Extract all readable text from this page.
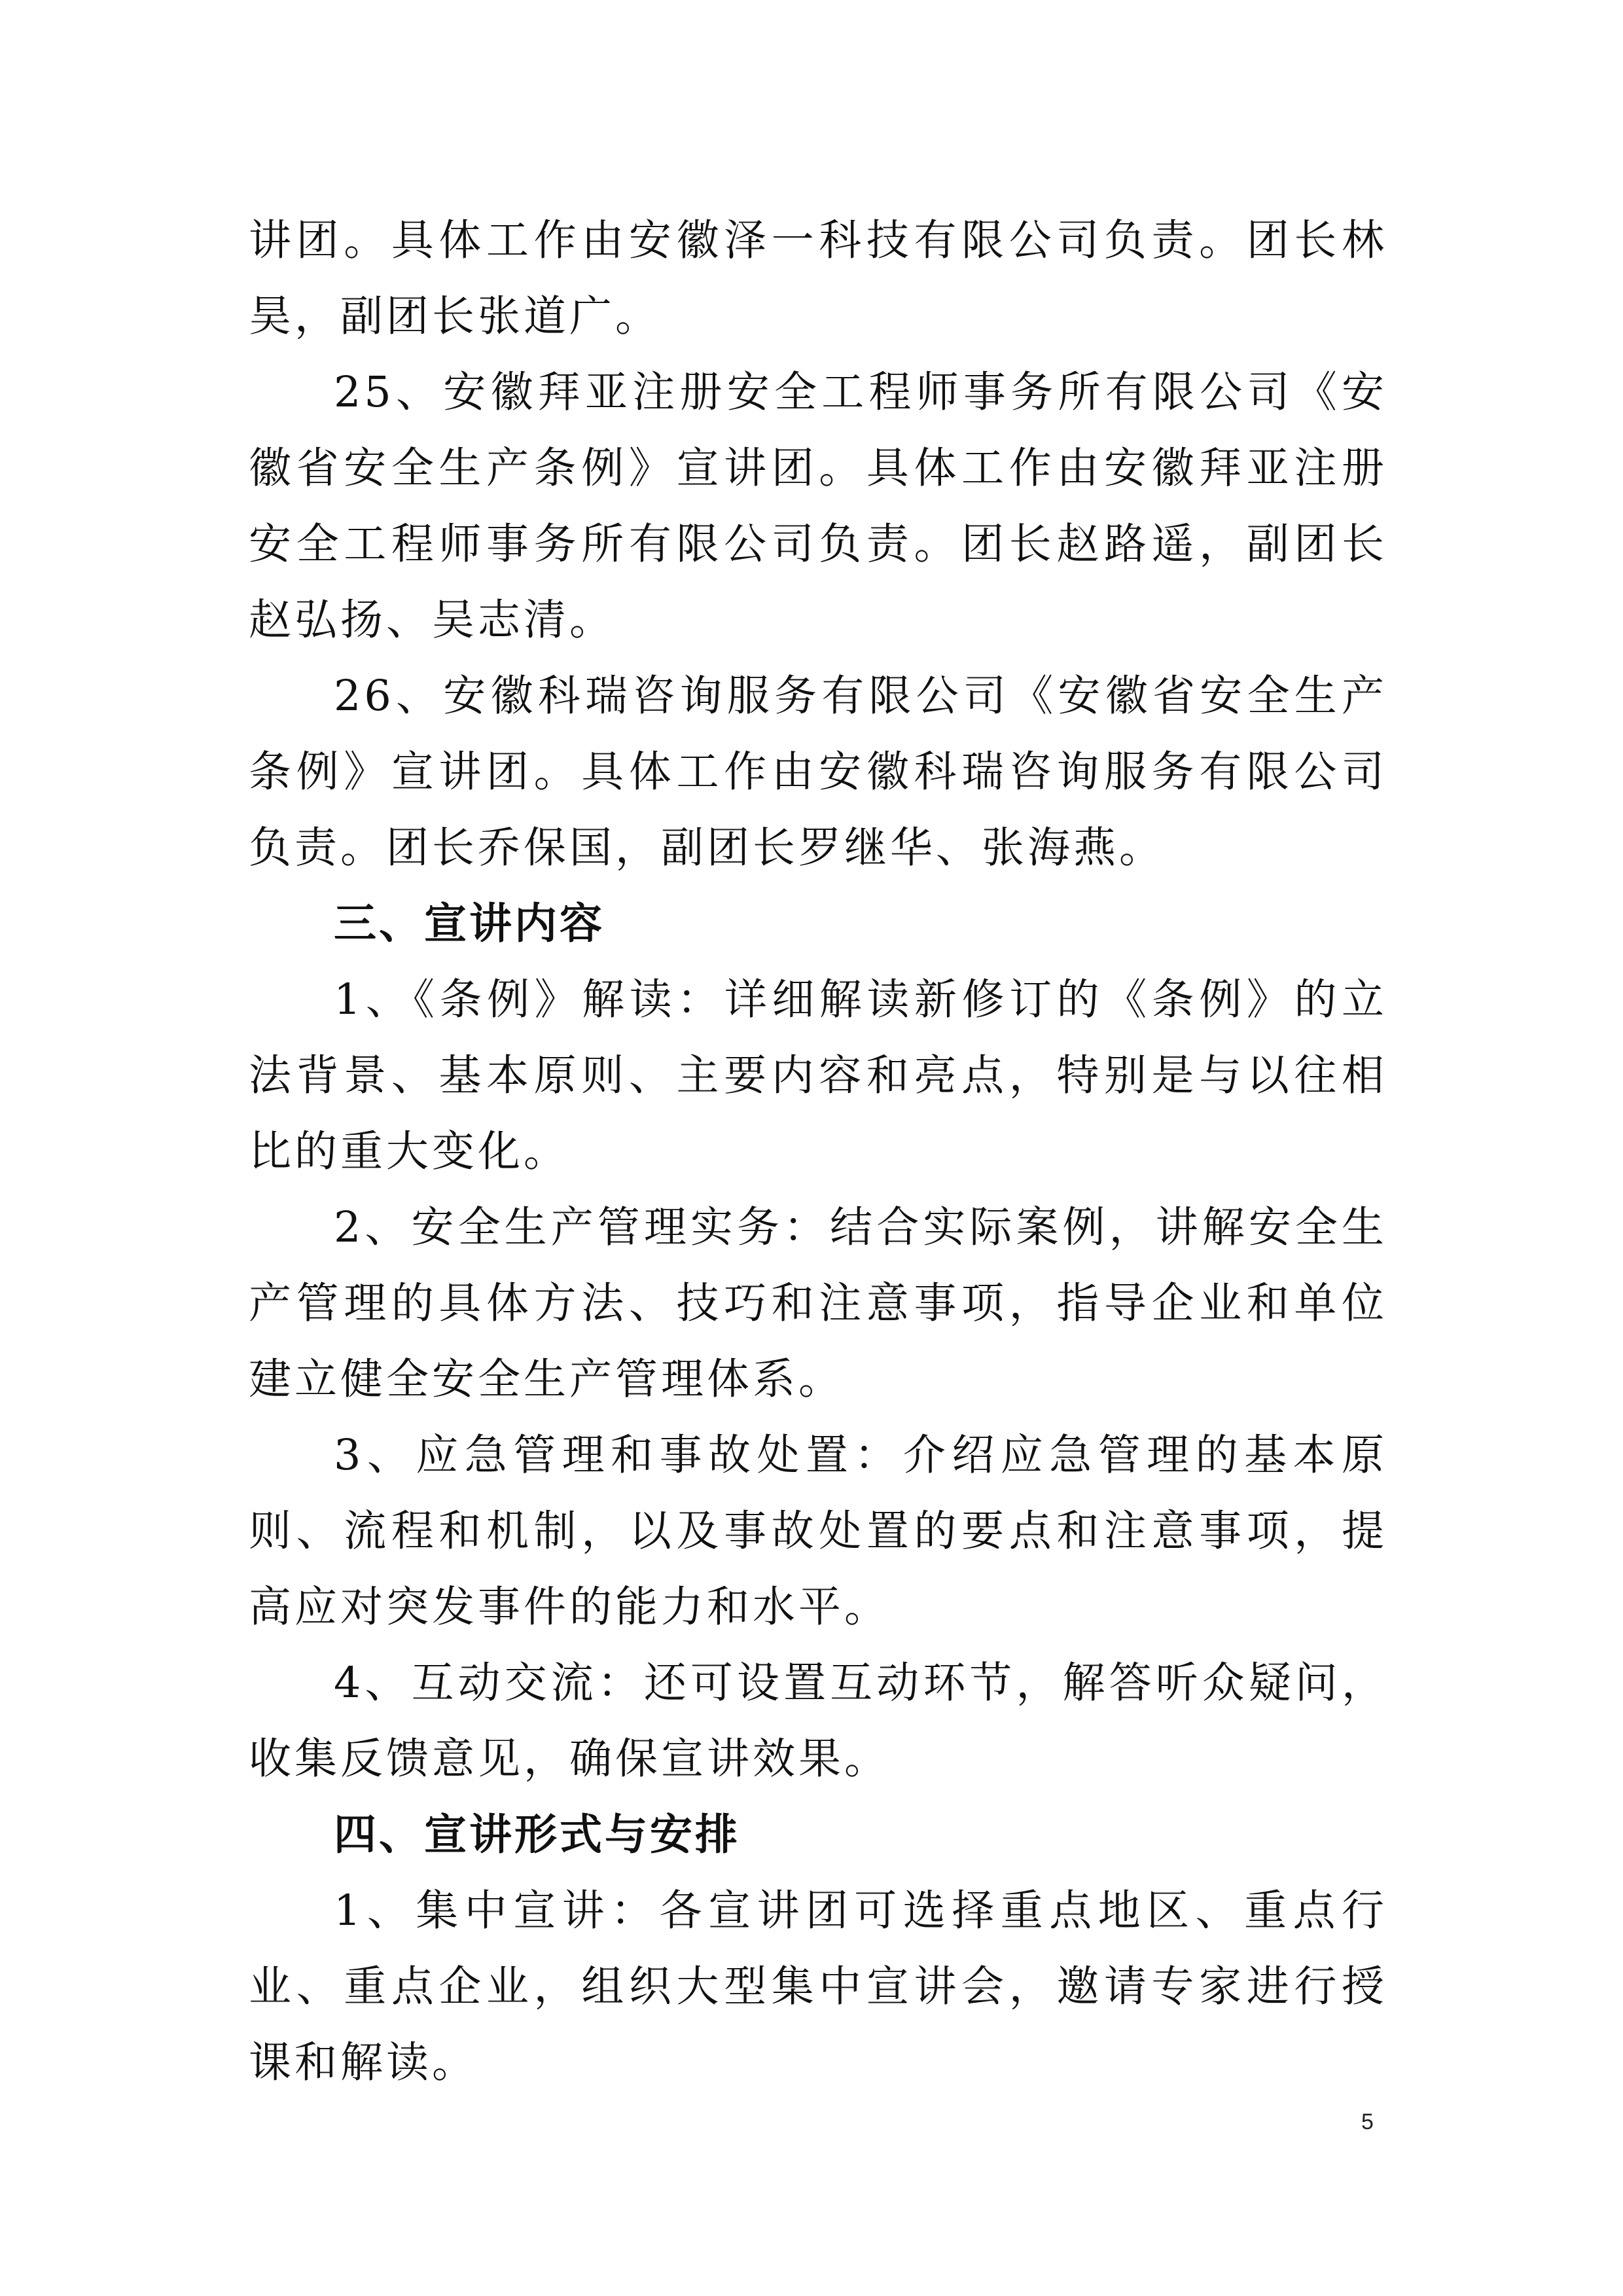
讲团。具体工作由安徽泽一科技有限公司负责。团长林昊，副团长张道广。

25、安徽拜亚注册安全工程师事务所有限公司《安徽省安全生产条例》宣讲团。具体工作由安徽拜亚注册安全工程师事务所有限公司负责。团长赵路遥，副团长赵弘扬、吴志清。

26、安徽科瑞咨询服务有限公司《安徽省安全生产条例》宣讲团。具体工作由安徽科瑞咨询服务有限公司负责。团长乔保国，副团长罗继华、张海燕。

三、宣讲内容

1、《条例》解读：详细解读新修订的《条例》的立法背景、基本原则、主要内容和亮点，特别是与以往相比的重大变化。

2、安全生产管理实务：结合实际案例，讲解安全生产管理的具体方法、技巧和注意事项，指导企业和单位建立健全安全生产管理体系。

3、应急管理和事故处置：介绍应急管理的基本原则、流程和机制，以及事故处置的要点和注意事项，提高应对突发事件的能力和水平。

4、互动交流：还可设置互动环节，解答听众疑问，收集反馈意见，确保宣讲效果。

四、宣讲形式与安排

1、集中宣讲：各宣讲团可选择重点地区、重点行业、重点企业，组织大型集中宣讲会，邀请专家进行授课和解读。

5
